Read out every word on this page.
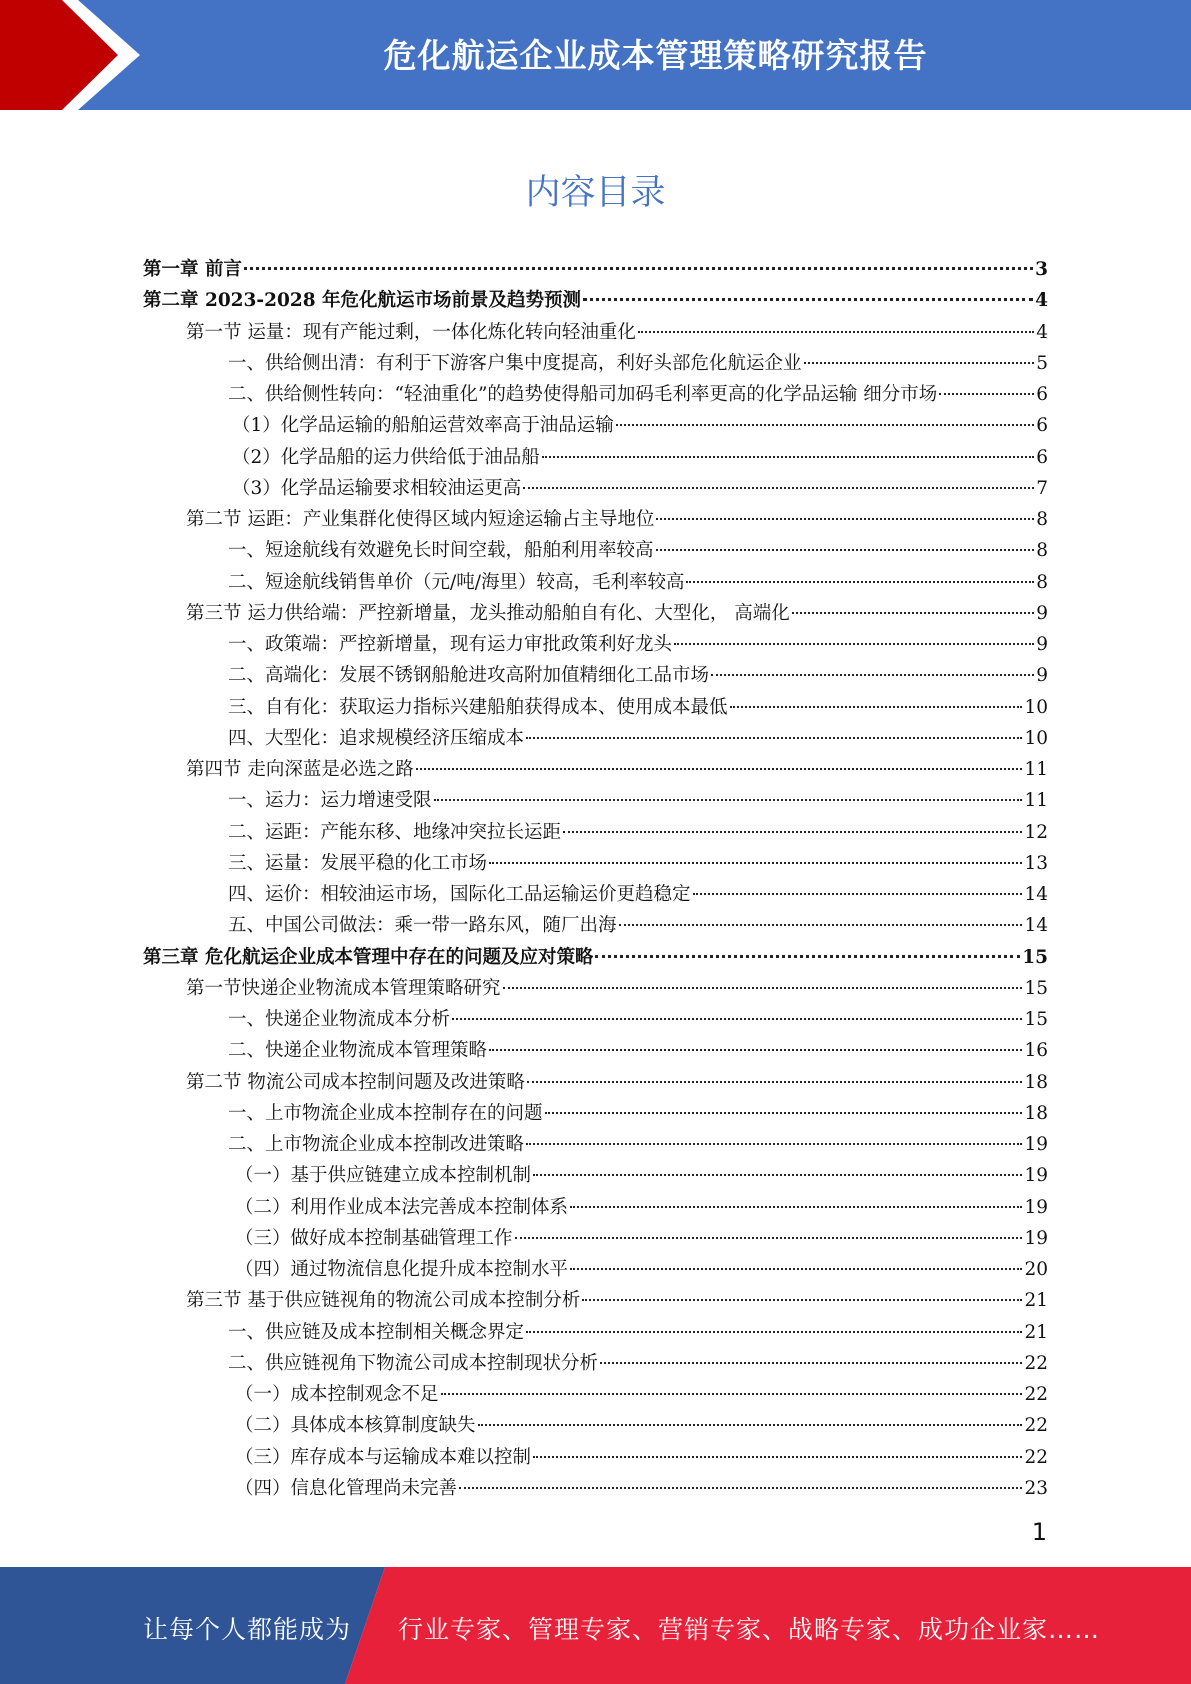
危化航运企业成本管理策略研究报告
内容目录
第一章 前言	3
第二章 2023-2028 年危化航运市场前景及趋势预测	4
第一节 运量：现有产能过剩，一体化炼化转向轻油重化	4
一、供给侧出清：有利于下游客户集中度提高，利好头部危化航运企业	5
二、供给侧性转向：“轻油重化”的趋势使得船司加码毛利率更高的化学品运输 细分市场	6
（1）化学品运输的船舶运营效率高于油品运输	6
（2）化学品船的运力供给低于油品船	6
（3）化学品运输要求相较油运更高	7
第二节 运距：产业集群化使得区域内短途运输占主导地位	8
一、短途航线有效避免长时间空载，船舶利用率较高	8
二、短途航线销售单价（元/吨/海里）较高，毛利率较高	8
第三节 运力供给端：严控新增量，龙头推动船舶自有化、大型化， 高端化	9
一、政策端：严控新增量，现有运力审批政策利好龙头	9
二、高端化：发展不锈钢船舱进攻高附加值精细化工品市场	9
三、自有化：获取运力指标兴建船舶获得成本、使用成本最低	10
四、大型化：追求规模经济压缩成本	10
第四节 走向深蓝是必选之路	11
一、运力：运力增速受限	11
二、运距：产能东移、地缘冲突拉长运距	12
三、运量：发展平稳的化工市场	13
四、运价：相较油运市场，国际化工品运输运价更趋稳定	14
五、中国公司做法：乘一带一路东风，随厂出海	14
第三章 危化航运企业成本管理中存在的问题及应对策略	15
第一节快递企业物流成本管理策略研究	15
一、快递企业物流成本分析	15
二、快递企业物流成本管理策略	16
第二节 物流公司成本控制问题及改进策略	18
一、上市物流企业成本控制存在的问题	18
二、上市物流企业成本控制改进策略	19
（一）基于供应链建立成本控制机制	19
（二）利用作业成本法完善成本控制体系	19
（三）做好成本控制基础管理工作	19
（四）通过物流信息化提升成本控制水平	20
第三节 基于供应链视角的物流公司成本控制分析	21
一、供应链及成本控制相关概念界定	21
二、供应链视角下物流公司成本控制现状分析	22
（一）成本控制观念不足	22
（二）具体成本核算制度缺失	22
（三）库存成本与运输成本难以控制	22
（四）信息化管理尚未完善	23
1
让每个人都能成为 行业专家、管理专家、营销专家、战略专家、成功企业家……
